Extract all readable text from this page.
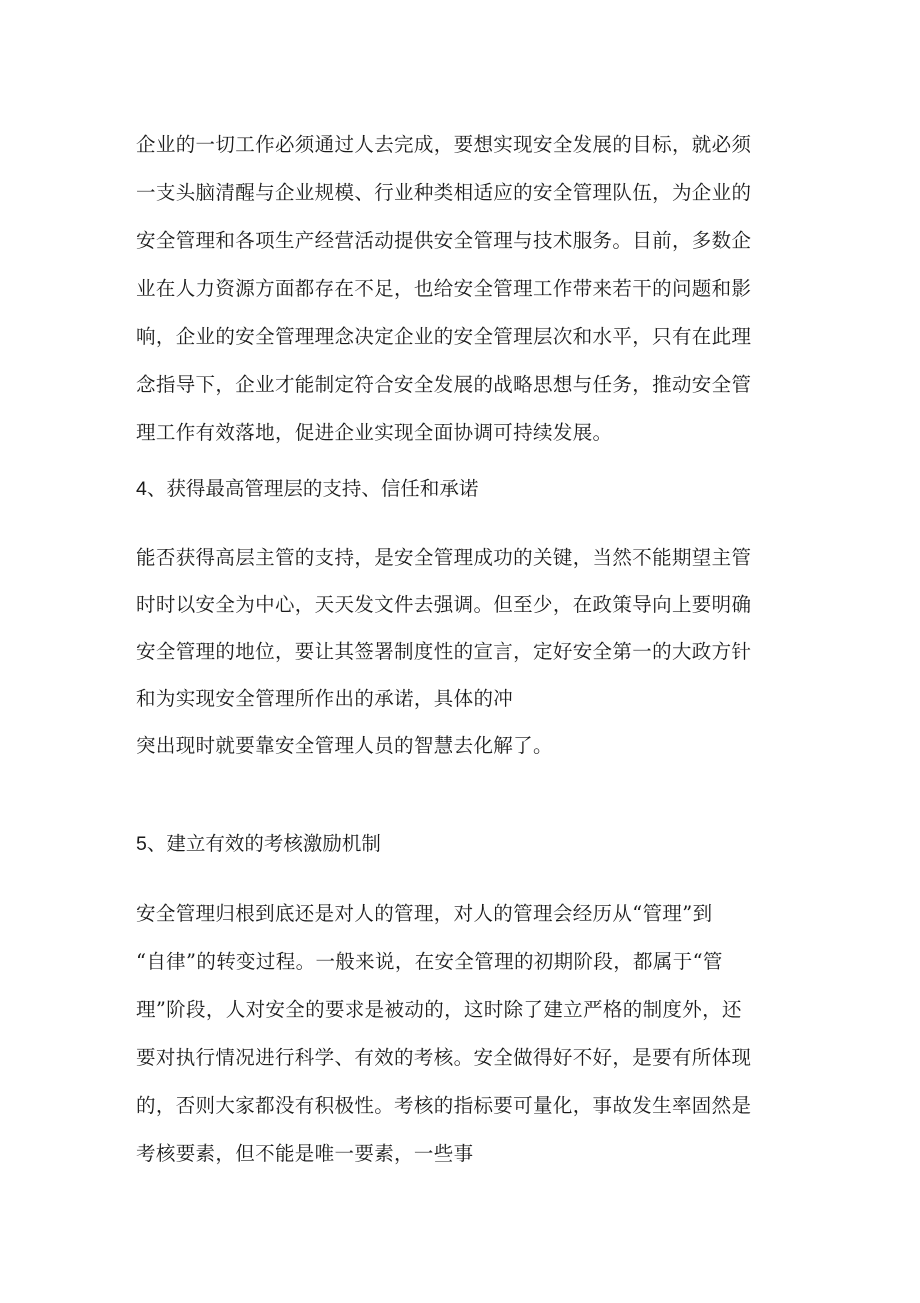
企业的一切工作必须通过人去完成，要想实现安全发展的目标，就必须
一支头脑清醒与企业规模、行业种类相适应的安全管理队伍，为企业的
安全管理和各项生产经营活动提供安全管理与技术服务。目前，多数企
业在人力资源方面都存在不足，也给安全管理工作带来若干的问题和影
响，企业的安全管理理念决定企业的安全管理层次和水平，只有在此理
念指导下，企业才能制定符合安全发展的战略思想与任务，推动安全管
理工作有效落地，促进企业实现全面协调可持续发展。
4、获得最高管理层的支持、信任和承诺
能否获得高层主管的支持，是安全管理成功的关键，当然不能期望主管
时时以安全为中心，天天发文件去强调。但至少，在政策导向上要明确
安全管理的地位，要让其签署制度性的宣言，定好安全第一的大政方针
和为实现安全管理所作出的承诺，具体的冲
突出现时就要靠安全管理人员的智慧去化解了。
5、建立有效的考核激励机制
安全管理归根到底还是对人的管理，对人的管理会经历从“管理”到
“自律”的转变过程。一般来说，在安全管理的初期阶段，都属于“管
理”阶段，人对安全的要求是被动的，这时除了建立严格的制度外，还
要对执行情况进行科学、有效的考核。安全做得好不好，是要有所体现
的，否则大家都没有积极性。考核的指标要可量化，事故发生率固然是
考核要素，但不能是唯一要素，一些事
